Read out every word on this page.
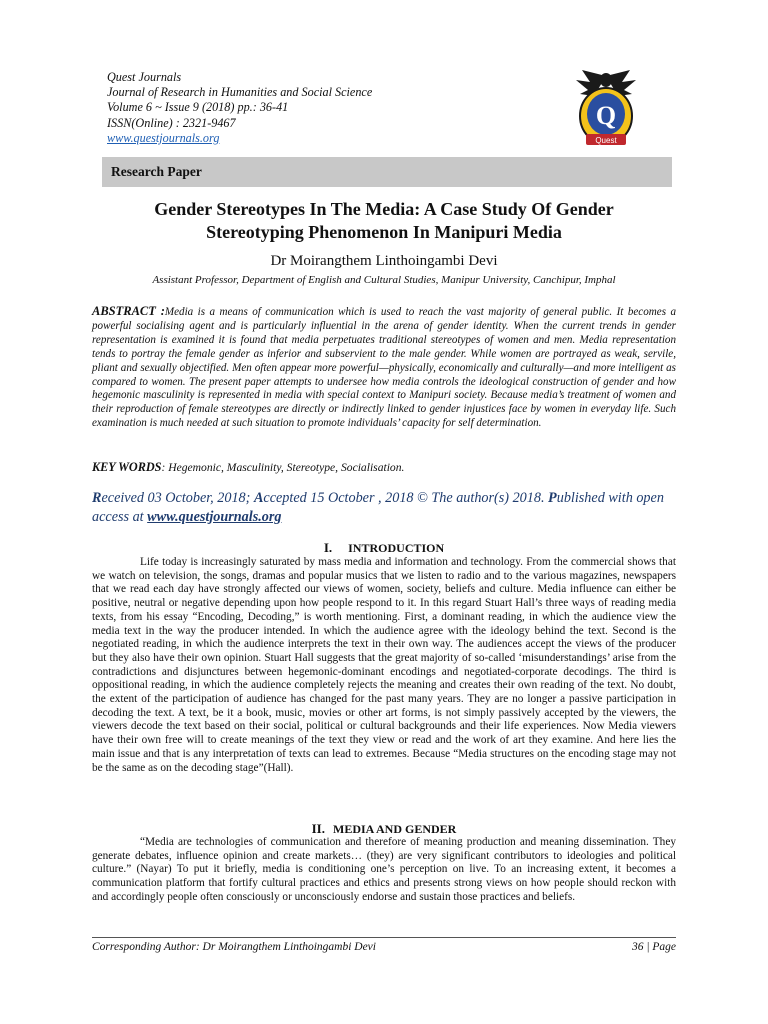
Quest Journals
Journal of Research in Humanities and Social Science
Volume 6 ~ Issue 9 (2018) pp.: 36-41
ISSN(Online) : 2321-9467
www.questjournals.org
Q
Quest
Research Paper
Gender Stereotypes In The Media: A Case Study Of Gender
Stereotyping Phenomenon In Manipuri Media
Dr Moirangthem Linthoingambi Devi
Assistant Professor, Department of English and Cultural Studies, Manipur University, Canchipur, Imphal
ABSTRACT :Media is a means of communication which is used to reach the vast majority of general public. It becomes a powerful socialising agent and is particularly influential in the arena of gender identity. When the current trends in gender representation is examined it is found that media perpetuates traditional stereotypes of women and men. Media representation tends to portray the female gender as inferior and subservient to the male gender. While women are portrayed as weak, servile, pliant and sexually objectified. Men often appear more powerful—physically, economically and culturally—and more intelligent as compared to women. The present paper attempts to undersee how media controls the ideological construction of gender and how hegemonic masculinity is represented in media with special context to Manipuri society. Because media’s treatment of women and their reproduction of female stereotypes are directly or indirectly linked to gender injustices face by women in everyday life. Such examination is much needed at such situation to promote individuals’ capacity for self determination.
KEY WORDS: Hegemonic, Masculinity, Stereotype, Socialisation.
Received 03 October, 2018; Accepted 15 October , 2018 © The author(s) 2018. Published with open access at www.questjournals.org
I. INTRODUCTION
Life today is increasingly saturated by mass media and information and technology. From the commercial shows that we watch on television, the songs, dramas and popular musics that we listen to radio and to the various magazines, newspapers that we read each day have strongly affected our views of women, society, beliefs and culture. Media influence can either be positive, neutral or negative depending upon how people respond to it. In this regard Stuart Hall’s three ways of reading media texts, from his essay “Encoding, Decoding,” is worth mentioning. First, a dominant reading, in which the audience view the media text in the way the producer intended. In which the audience agree with the ideology behind the text. Second is the negotiated reading, in which the audience interprets the text in their own way. The audiences accept the views of the producer but they also have their own opinion. Stuart Hall suggests that the great majority of so-called ‘misunderstandings’ arise from the contradictions and disjunctures between hegemonic-dominant encodings and negotiated-corporate decodings. The third is oppositional reading, in which the audience completely rejects the meaning and creates their own reading of the text. No doubt, the extent of the participation of audience has changed for the past many years. They are no longer a passive participation in decoding the text. A text, be it a book, music, movies or other art forms, is not simply passively accepted by the viewers, the viewers decode the text based on their social, political or cultural backgrounds and their life experiences. Now Media viewers have their own free will to create meanings of the text they view or read and the work of art they examine. And here lies the main issue and that is any interpretation of texts can lead to extremes. Because “Media structures on the encoding stage may not be the same as on the decoding stage”(Hall).
II. MEDIA AND GENDER
“Media are technologies of communication and therefore of meaning production and meaning dissemination. They generate debates, influence opinion and create markets… (they) are very significant contributors to ideologies and political culture.” (Nayar) To put it briefly, media is conditioning one’s perception on live. To an increasing extent, it becomes a communication platform that fortify cultural practices and ethics and presents strong views on how people should reckon with and accordingly people often consciously or unconsciously endorse and sustain those practices and beliefs.
Corresponding Author: Dr Moirangthem Linthoingambi Devi	36 | Page
